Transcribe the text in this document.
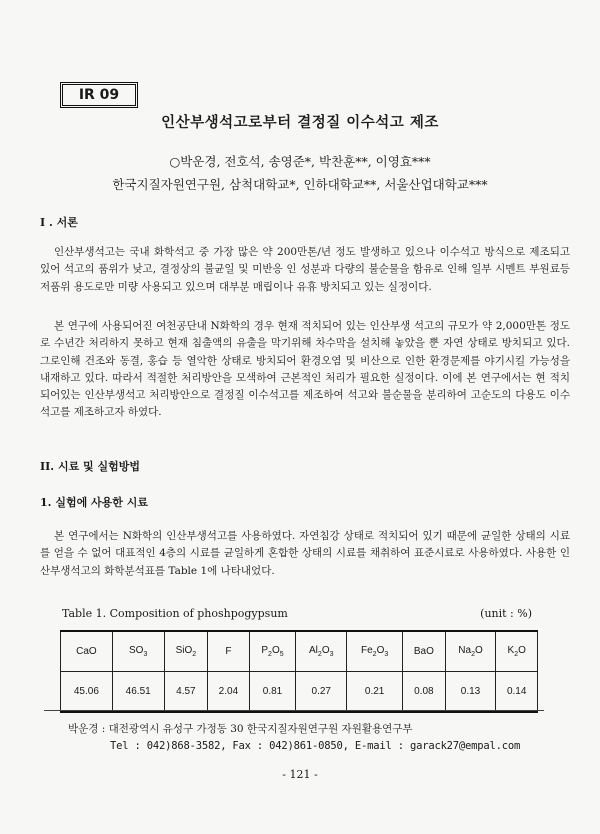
IR 09
인산부생석고로부터 결정질 이수석고 제조
○박운경, 전호석, 송영준*, 박찬훈**, 이영효***
한국지질자원연구원, 삼척대학교*, 인하대학교**, 서울산업대학교***
I . 서론

인산부생석고는 국내 화학석고 중 가장 많은 약 200만톤/년 정도 발생하고 있으나 이수석고 방식으로 제조되고 있어 석고의 품위가 낮고, 결정상의 불균일 및 미반응 인 성분과 다량의 불순물을 함유로 인해 일부 시멘트 부원료등 저품위 용도로만 미량 사용되고 있으며 대부분 매립이나 유휴 방치되고 있는 실정이다.

본 연구에 사용되어진 여천공단내 N화학의 경우 현재 적치되어 있는 인산부생 석고의 규모가 약 2,000만톤 정도로 수년간 처리하지 못하고 현재 침출액의 유출을 막기위해 차수막을 설치해 놓았을 뿐 자연 상태로 방치되고 있다. 그로인해 건조와 동결, 홍습 등 열악한 상태로 방치되어 환경오염 및 비산으로 인한 환경문제를 야기시킬 가능성을 내재하고 있다. 따라서 적절한 처리방안을 모색하여 근본적인 처리가 필요한 실정이다. 이에 본 연구에서는 현 적치되어있는 인산부생석고 처리방안으로 결정질 이수석고를 제조하여 석고와 불순물을 분리하여 고순도의 다용도 이수석고를 제조하고자 하였다.

II. 시료 및 실험방법
1. 실험에 사용한 시료

본 연구에서는 N화학의 인산부생석고를 사용하였다. 자연침강 상태로 적치되어 있기 때문에 균일한 상태의 시료를 얻을 수 없어 대표적인 4층의 시료를 균일하게 혼합한 상태의 시료를 채취하여 표준시료로 사용하였다. 사용한 인산부생석고의 화학분석표를 Table 1에 나타내었다.

Table 1. Composition of phoshpogypsum	(unit : %)
CaO	$SO_3$	SiO$_2$	F	$P_2O_5$	$Al_2O_3$	$Fe_2O_3$	BaO	$Na_2O$	$K_2O$
45.06	46.51	4.57	2.04	0.81	0.27	0.21	0.08	0.13	0.14
박운경 : 대전광역시 유성구 가정동 30 한국지질자원연구원 자원활용연구부
Tel : 042)868-3582, Fax : 042)861-0850, E-mail : garack27@empal.com
- 121 -
